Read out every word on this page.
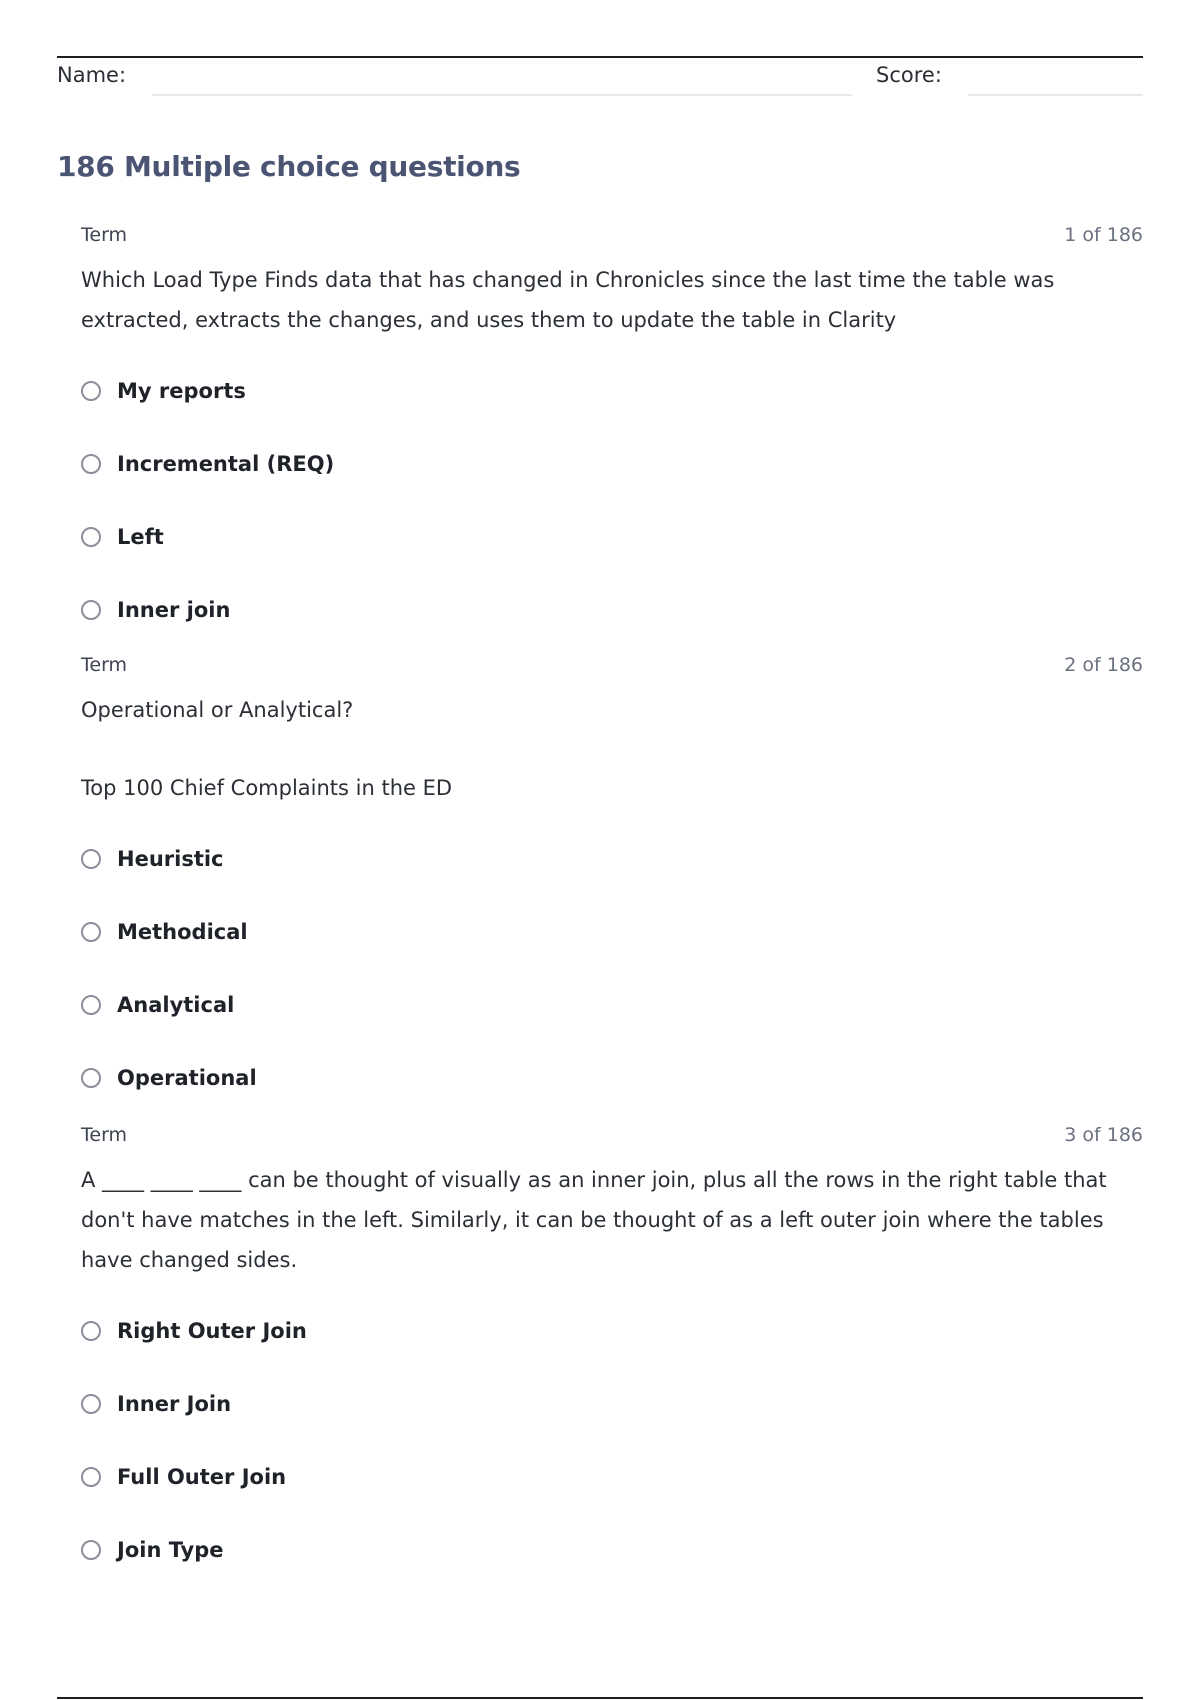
Name:	Score:
186 Multiple choice questions
Term	1 of 186
Which Load Type Finds data that has changed in Chronicles since the last time the table was extracted, extracts the changes, and uses them to update the table in Clarity
My reports
Incremental (REQ)
Left
Inner join
Term	2 of 186
Operational or Analytical?
Top 100 Chief Complaints in the ED
Heuristic
Methodical
Analytical
Operational
Term	3 of 186
A ____ ____ ____ can be thought of visually as an inner join, plus all the rows in the right table that don't have matches in the left. Similarly, it can be thought of as a left outer join where the tables have changed sides.
Right Outer Join
Inner Join
Full Outer Join
Join Type
